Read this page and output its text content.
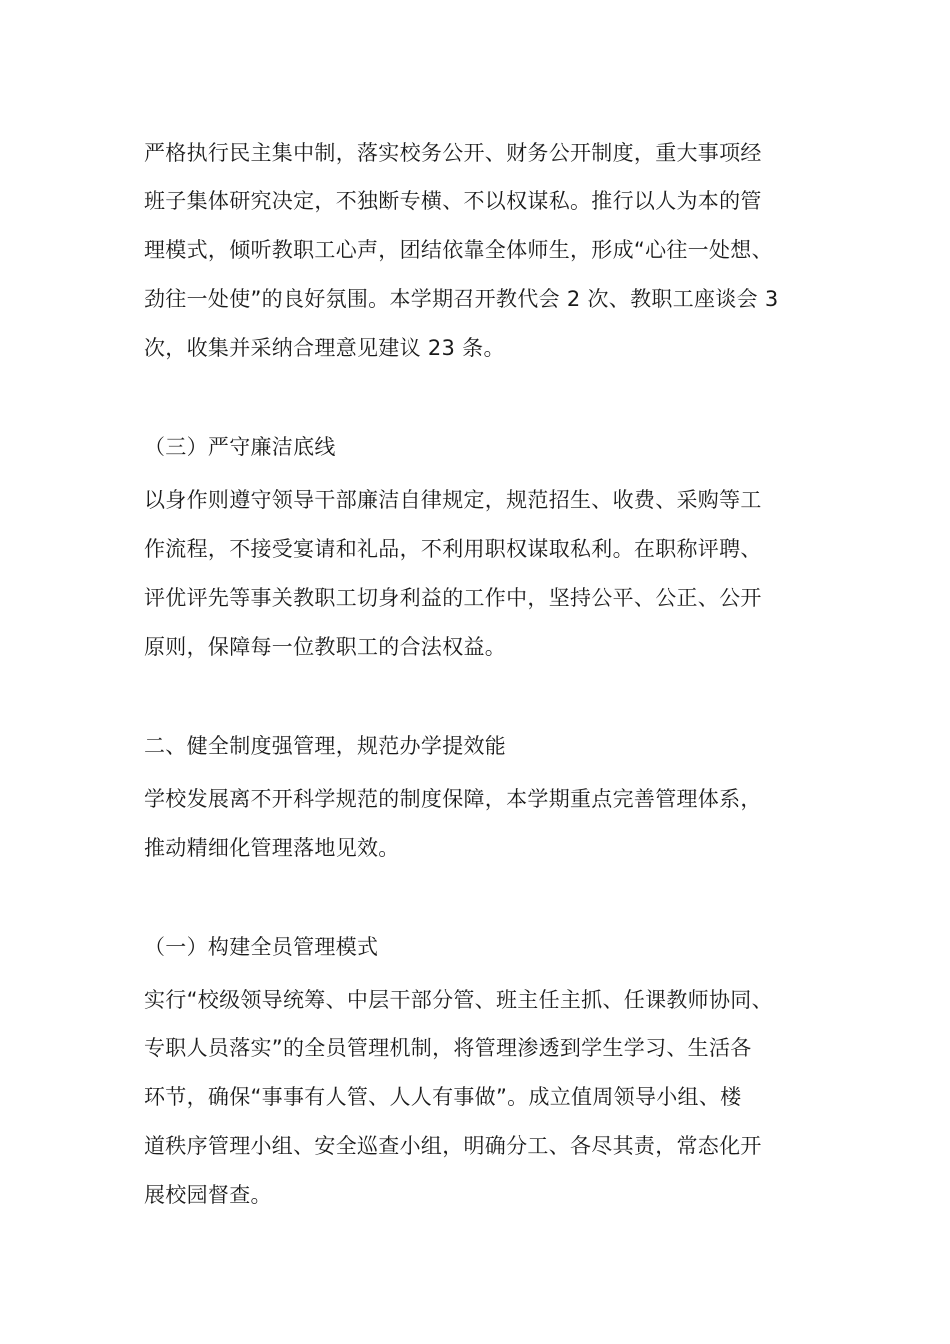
严格执行民主集中制，落实校务公开、财务公开制度，重大事项经

班子集体研究决定，不独断专横、不以权谋私。推行以人为本的管

理模式，倾听教职工心声，团结依靠全体师生，形成“心往一处想、

劲往一处使”的良好氛围。本学期召开教代会 2 次、教职工座谈会 3

次，收集并采纳合理意见建议 23 条。

（三）严守廉洁底线

以身作则遵守领导干部廉洁自律规定，规范招生、收费、采购等工

作流程，不接受宴请和礼品，不利用职权谋取私利。在职称评聘、

评优评先等事关教职工切身利益的工作中，坚持公平、公正、公开

原则，保障每一位教职工的合法权益。

二、健全制度强管理，规范办学提效能

学校发展离不开科学规范的制度保障，本学期重点完善管理体系，

推动精细化管理落地见效。

（一）构建全员管理模式

实行“校级领导统筹、中层干部分管、班主任主抓、任课教师协同、

专职人员落实”的全员管理机制，将管理渗透到学生学习、生活各

环节，确保“事事有人管、人人有事做”。成立值周领导小组、楼

道秩序管理小组、安全巡查小组，明确分工、各尽其责，常态化开

展校园督查。
